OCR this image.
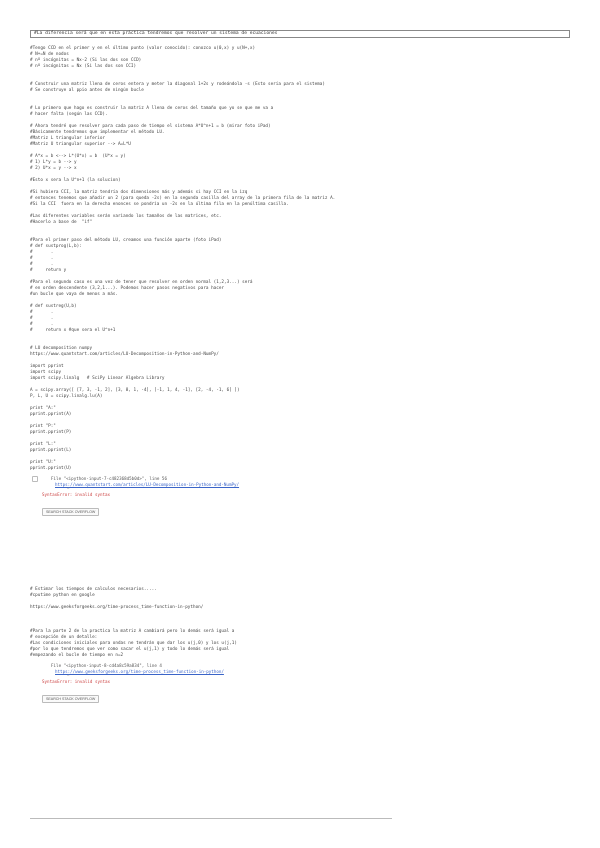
#La diferencia será que en esta práctica tendremos que resolver un sistema de ecuaciones
#Tengo CCD en el primer y en el último punto (valor conocido): conozco u(0,x) y u(N+,x)
# N+=N de nodos
# nº incógnitas = Nx-2 (Si las dos son CCD)
# nº incógnitas = Nx (Si las dos son CCI)
# Construir una matriz llena de ceros entera y meter la diagonal 1+2s y rodeándola -s (Esto sería para el sistema)
# Se construye al ppio antes de ningún bucle
# Lo primero que hago es construir la matriz A llena de ceros del tamaño que yo se que me va a
# hacer falta (según las CCD).
# Ahora tendré que resolver para cada paso de tiempo el sistema A*U^n+1 = b (mirar foto iPad)
#Básicamente tendremos que implementar el método LU.
#Matriz L triangular inferior
#Matriz U triangular superior --> A=L*U
# A*x = b <--> L*(U*x) = b  (U*x = y)
# 1) L*y = b --> y
# 2) U*x = y --> x
#Esto x sera la U^n+1 (la solucion)
#Si hubiera CCI, la matriz tendría dos dimensiones más y además si hay CCI en la izq
# entonces tenemos que añadir un 2 (para queda -2s) en la segunda casilla del array de la primera fila de la matriz A.
#Si la CCI  fuera en la derecha enonces se pondría un -2s en la última fila en la penúltima casilla.
#Las diferentes variables serán variando los tamaños de las matrices, etc.
#Hacerlo a base de  "if"
#Para el primer paso del método LU, creamos una función aparte (foto iPad)
# def sustprog(L,b):
#       .
#       .
#       .
#     return y
#Para el segundo caso es una vez de tener que resolver en orden normal (1,2,3...) será
# en orden descendente (3,2,1...). Podemos hacer pasos negativos para hacer
#un bucle que vaya de menos a más.
# def sustreg(U,b)
#       .
#       .
#       .
#     return x #que sera el U^n+1
# LU decomposition numpy
https://www.quantstart.com/articles/LU-Decomposition-in-Python-and-NumPy/
import pprint
import scipy
import scipy.linalg   # SciPy Linear Algebra Library
A = scipy.array([ [7, 3, -1, 2], [3, 8, 1, -4], [-1, 1, 4, -1], [2, -4, -1, 6] ])
P, L, U = scipy.linalg.lu(A)
print "A:"
pprint.pprint(A)
print "P:"
pprint.pprint(P)
print "L:"
pprint.pprint(L)
print "U:"
pprint.pprint(U)
File "<ipython-input-7-c482368d5b0d>", line 56
https://www.quantstart.com/articles/LU-Decomposition-in-Python-and-NumPy/
^
SyntaxError: invalid syntax
SEARCH STACK OVERFLOW
# Estimar los tiempos de calculos necesarios.....
#cputime python en google
https://www.geeksforgeeks.org/time-process_time-function-in-python/
#Para la parte 2 de la practica la matriz A cambiará pero lo demás será igual a
# excepción de un detalle:
#Las condiciones iniciales para ondas ne tendrán que dar los u(j,0) y los u(j,1)
#por lo que tendremos que ver como sacar el u(j,1) y todo lo demás será igual
#empezando el bucle de tiempo en n=2
File "<ipython-input-8-cd4a8c59a834", line 4
https://www.geeksforgeeks.org/time-process_time-function-in-python/
^
SyntaxError: invalid syntax
SEARCH STACK OVERFLOW
